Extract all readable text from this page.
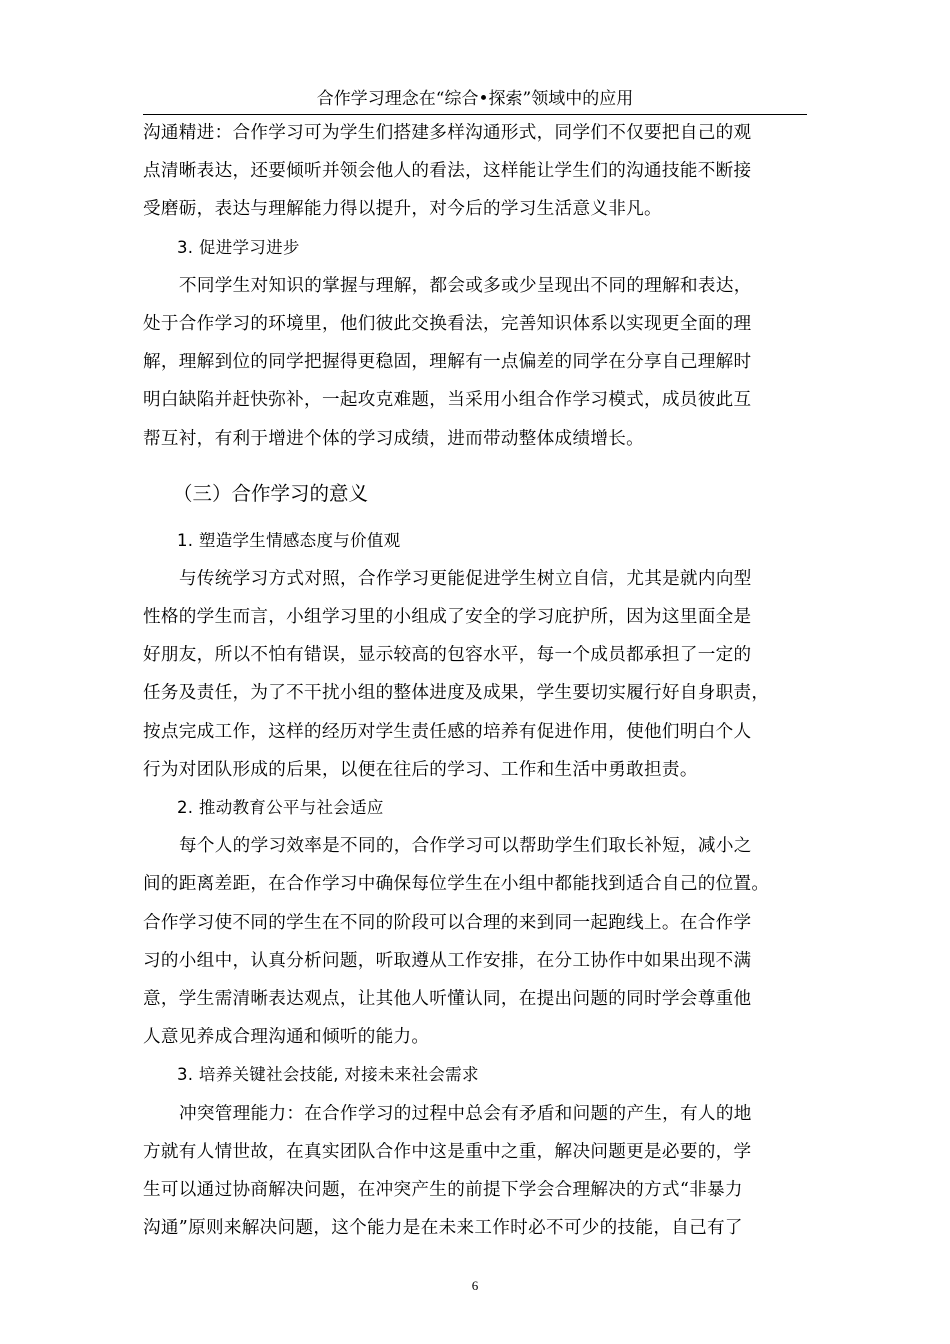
合作学习理念在“综合•探索”领域中的应用
沟通精进：合作学习可为学生们搭建多样沟通形式，同学们不仅要把自己的观
点清晰表达，还要倾听并领会他人的看法，这样能让学生们的沟通技能不断接
受磨砺，表达与理解能力得以提升，对今后的学习生活意义非凡。
3. 促进学习进步
不同学生对知识的掌握与理解，都会或多或少呈现出不同的理解和表达，
处于合作学习的环境里，他们彼此交换看法，完善知识体系以实现更全面的理
解，理解到位的同学把握得更稳固，理解有一点偏差的同学在分享自己理解时
明白缺陷并赶快弥补，一起攻克难题，当采用小组合作学习模式，成员彼此互
帮互衬，有利于增进个体的学习成绩，进而带动整体成绩增长。
（三）合作学习的意义
1. 塑造学生情感态度与价值观
与传统学习方式对照，合作学习更能促进学生树立自信，尤其是就内向型
性格的学生而言，小组学习里的小组成了安全的学习庇护所，因为这里面全是
好朋友，所以不怕有错误，显示较高的包容水平，每一个成员都承担了一定的
任务及责任，为了不干扰小组的整体进度及成果，学生要切实履行好自身职责，
按点完成工作，这样的经历对学生责任感的培养有促进作用，使他们明白个人
行为对团队形成的后果，以便在往后的学习、工作和生活中勇敢担责。
2. 推动教育公平与社会适应
每个人的学习效率是不同的，合作学习可以帮助学生们取长补短，减小之
间的距离差距，在合作学习中确保每位学生在小组中都能找到适合自己的位置。
合作学习使不同的学生在不同的阶段可以合理的来到同一起跑线上。在合作学
习的小组中，认真分析问题，听取遵从工作安排，在分工协作中如果出现不满
意，学生需清晰表达观点，让其他人听懂认同，在提出问题的同时学会尊重他
人意见养成合理沟通和倾听的能力。
3. 培养关键社会技能, 对接未来社会需求
冲突管理能力：在合作学习的过程中总会有矛盾和问题的产生，有人的地
方就有人情世故，在真实团队合作中这是重中之重，解决问题更是必要的，学
生可以通过协商解决问题，在冲突产生的前提下学会合理解决的方式“非暴力
沟通”原则来解决问题，这个能力是在未来工作时必不可少的技能，自己有了
6
